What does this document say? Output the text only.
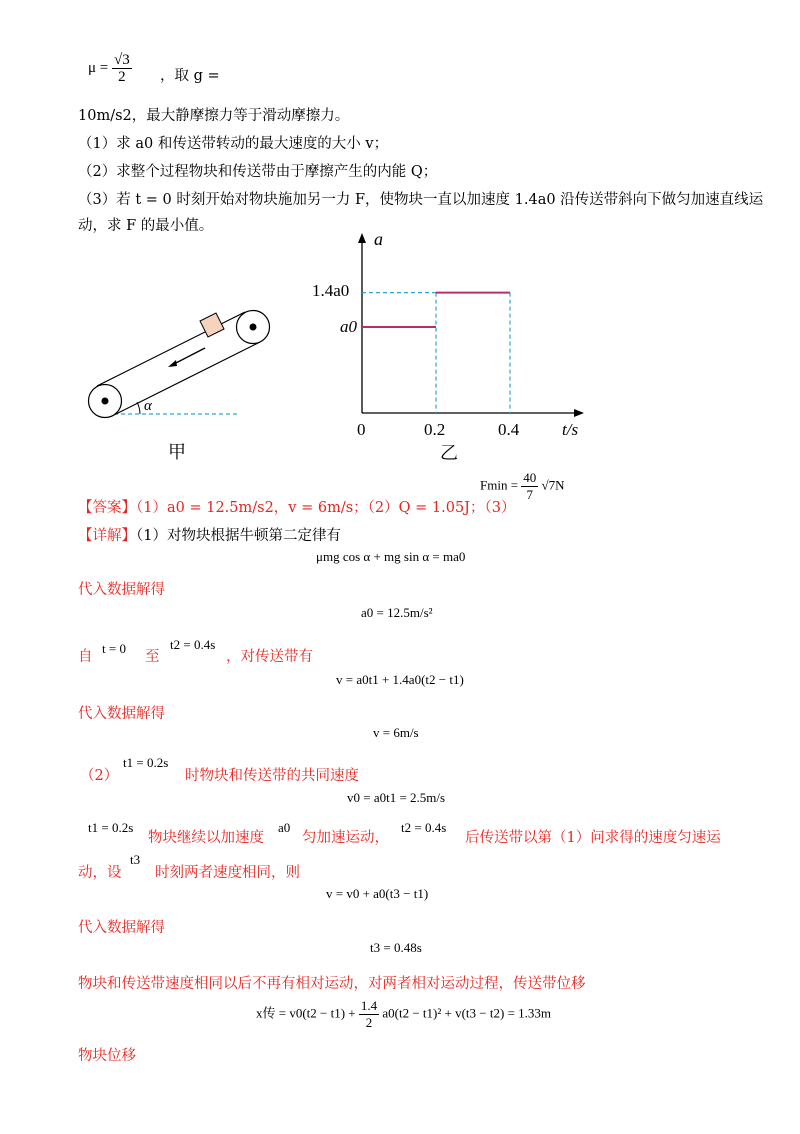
$\mu = \frac{√3}{2}$ ，取 g =
10m/s2，最大静摩擦力等于滑动摩擦力。
（1）求 a0 和传送带转动的最大速度的大小 v；
（2）求整个过程物块和传送带由于摩擦产生的内能 Q；
（3）若 t = 0 时刻开始对物块施加另一力 F，使物块一直以加速度 1.4a0 沿传送带斜向下做匀加速直线运
动，求 F 的最小值。
α
甲
a
t/s
1.4a0
a0
0	0.2	0.4
乙
【答案】（1）a0 = 12.5m/s2，v = 6m/s；（2）Q = 1.05J；（3）
$Fmin = \frac{40}{7} √7N$
【详解】（1）对物块根据牛顿第二定律有
μmg cos α + mg sin α = ma0
代入数据解得
a0 = 12.5m/s²
自
t = 0
至
t2 = 0.4s
，对传送带有
v = a0t1 + 1.4a0(t2 − t1)
代入数据解得
v = 6m/s
（2）
t1 = 0.2s
时物块和传送带的共同速度
v0 = a0t1 = 2.5m/s
t1 = 0.2s
物块继续以加速度
a0
匀加速运动，
t2 = 0.4s
后传送带以第（1）问求得的速度匀速运
动，设
t3
时刻两者速度相同，则
v = v0 + a0(t3 − t1)
代入数据解得
t3 = 0.48s
物块和传送带速度相同以后不再有相对运动，对两者相对运动过程，传送带位移
x传 = $v0(t2 - t1) + \frac{1.4}{2} a0(t2 - t1)^2 + v(t3 - t2) = 1.33m$
物块位移
